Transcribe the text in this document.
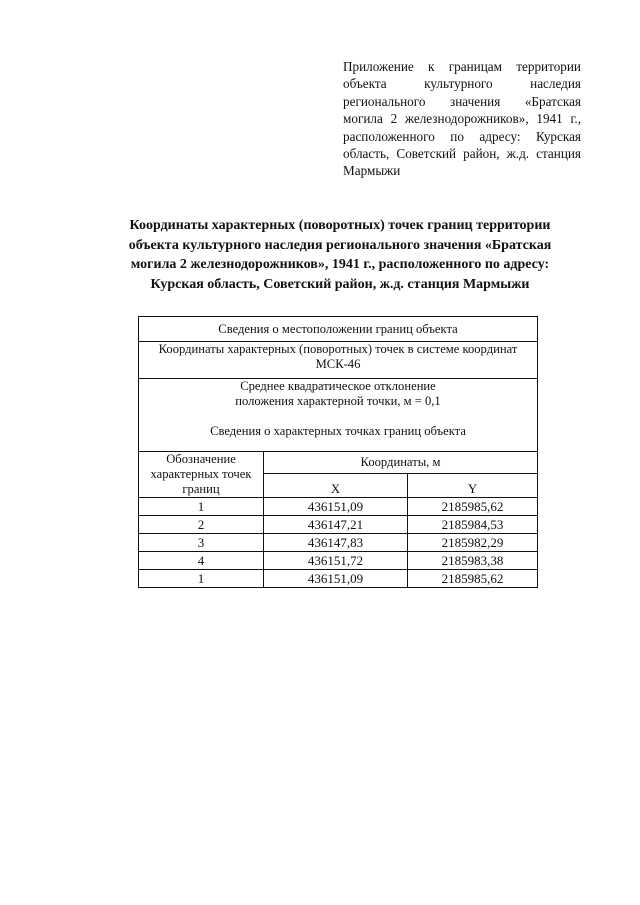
Приложение к границам территории объекта культурного наследия регионального значения «Братская могила 2 железнодорожников», 1941 г., расположенного по адресу: Курская область, Советский район, ж.д. станция Мармыжи
Координаты характерных (поворотных) точек границ территории
объекта культурного наследия регионального значения «Братская
могила 2 железнодорожников», 1941 г., расположенного по адресу:
Курская область, Советский район, ж.д. станция Мармыжи
Сведения о местоположении границ объекта		

Координаты характерных (поворотных) точек в системе координат
МСК-46		

Среднее квадратическое отклонение
положения характерной точки, м = 0,1
Сведения о характерных точках границ объекта		

Обозначение характерных точек границ	Координаты, м	
	X	Y
1	436151,09	2185985,62
2	436147,21	2185984,53
3	436147,83	2185982,29
4	436151,72	2185983,38
1	436151,09	2185985,62
